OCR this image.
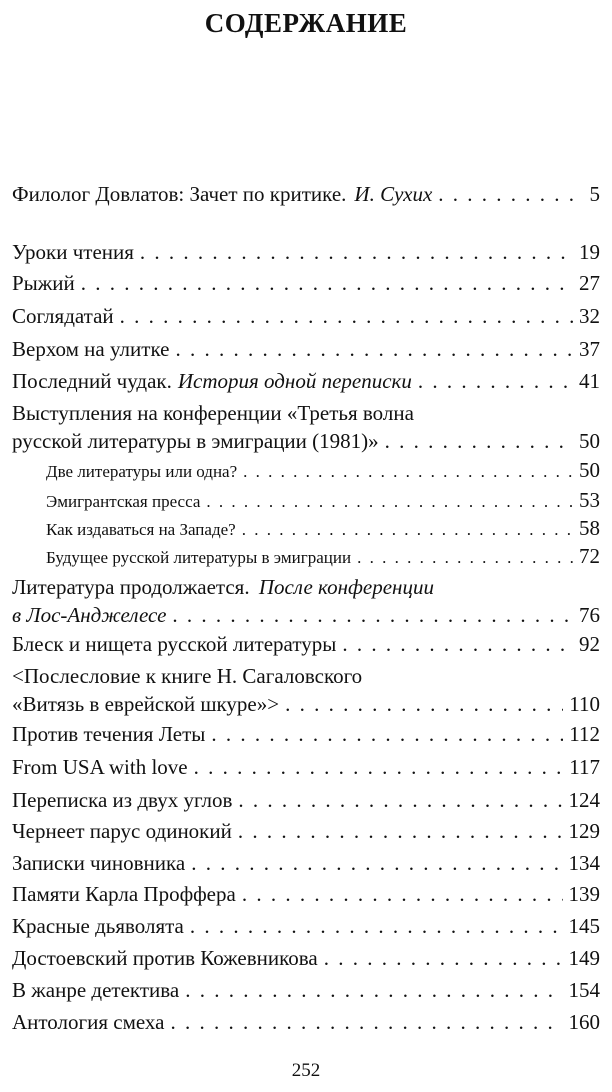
СОДЕРЖАНИЕ
Филолог Довлатов: Зачет по критике. И. Сухих . . .	5
Уроки чтения . . .	19
Рыжий . . .	27
Соглядатай . . .	32
Верхом на улитке . . .	37
Последний чудак. История одной переписки . . .	41
Выступления на конференции «Третья волна
русской литературы в эмиграции (1981)» . . .	50
Две литературы или одна? . . .	50
Эмигрантская пресса . . .	53
Как издаваться на Западе? . . .	58
Будущее русской литературы в эмиграции . . .	72
Литература продолжается. После конференции
в Лос-Анджелесе . . .	76
Блеск и нищета русской литературы . . .	92
<Послесловие к книге Н. Сагаловского
«Витязь в еврейской шкуре»> . . .	110
Против течения Леты . . .	112
From USA with love . . .	117
Переписка из двух углов . . .	124
Чернеет парус одинокий . . .	129
Записки чиновника . . .	134
Памяти Карла Проффера . . .	139
Красные дьяволята . . .	145
Достоевский против Кожевникова . . .	149
В жанре детектива . . .	154
Антология смеха . . .	160
252
